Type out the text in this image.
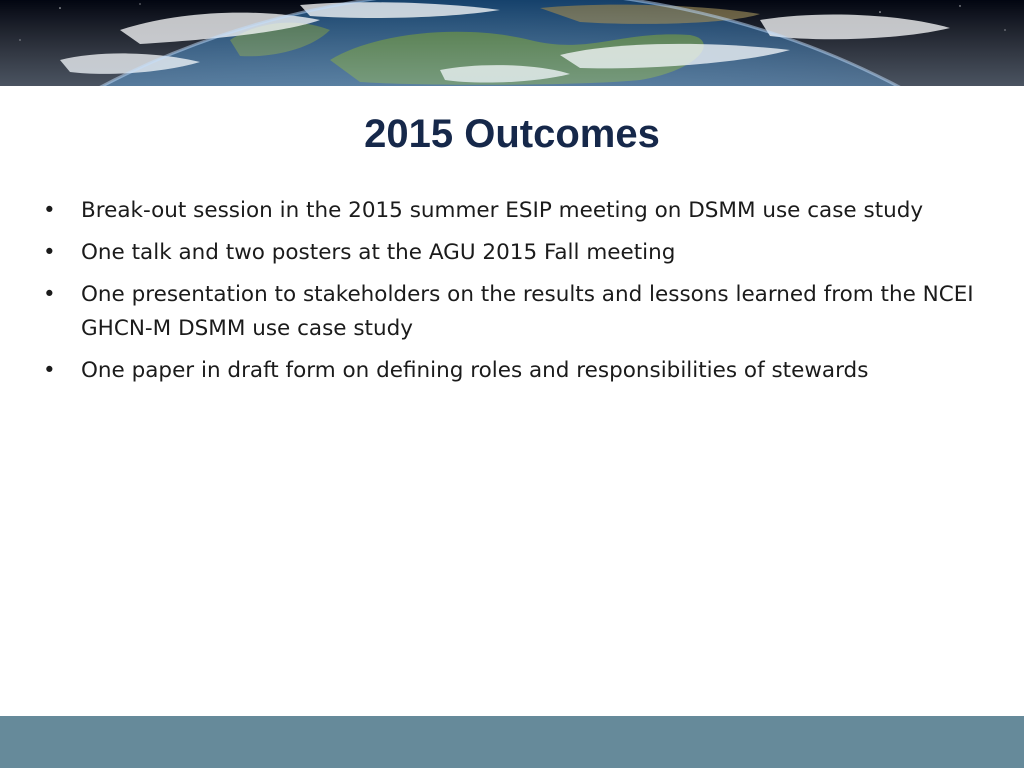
2015 Outcomes
• Break-out session in the 2015 summer ESIP meeting on DSMM use case study
• One talk and two posters at the AGU 2015 Fall meeting
• One presentation to stakeholders on the results and lessons learned from the NCEI GHCN-M DSMM use case study
• One paper in draft form on defining roles and responsibilities of stewards
